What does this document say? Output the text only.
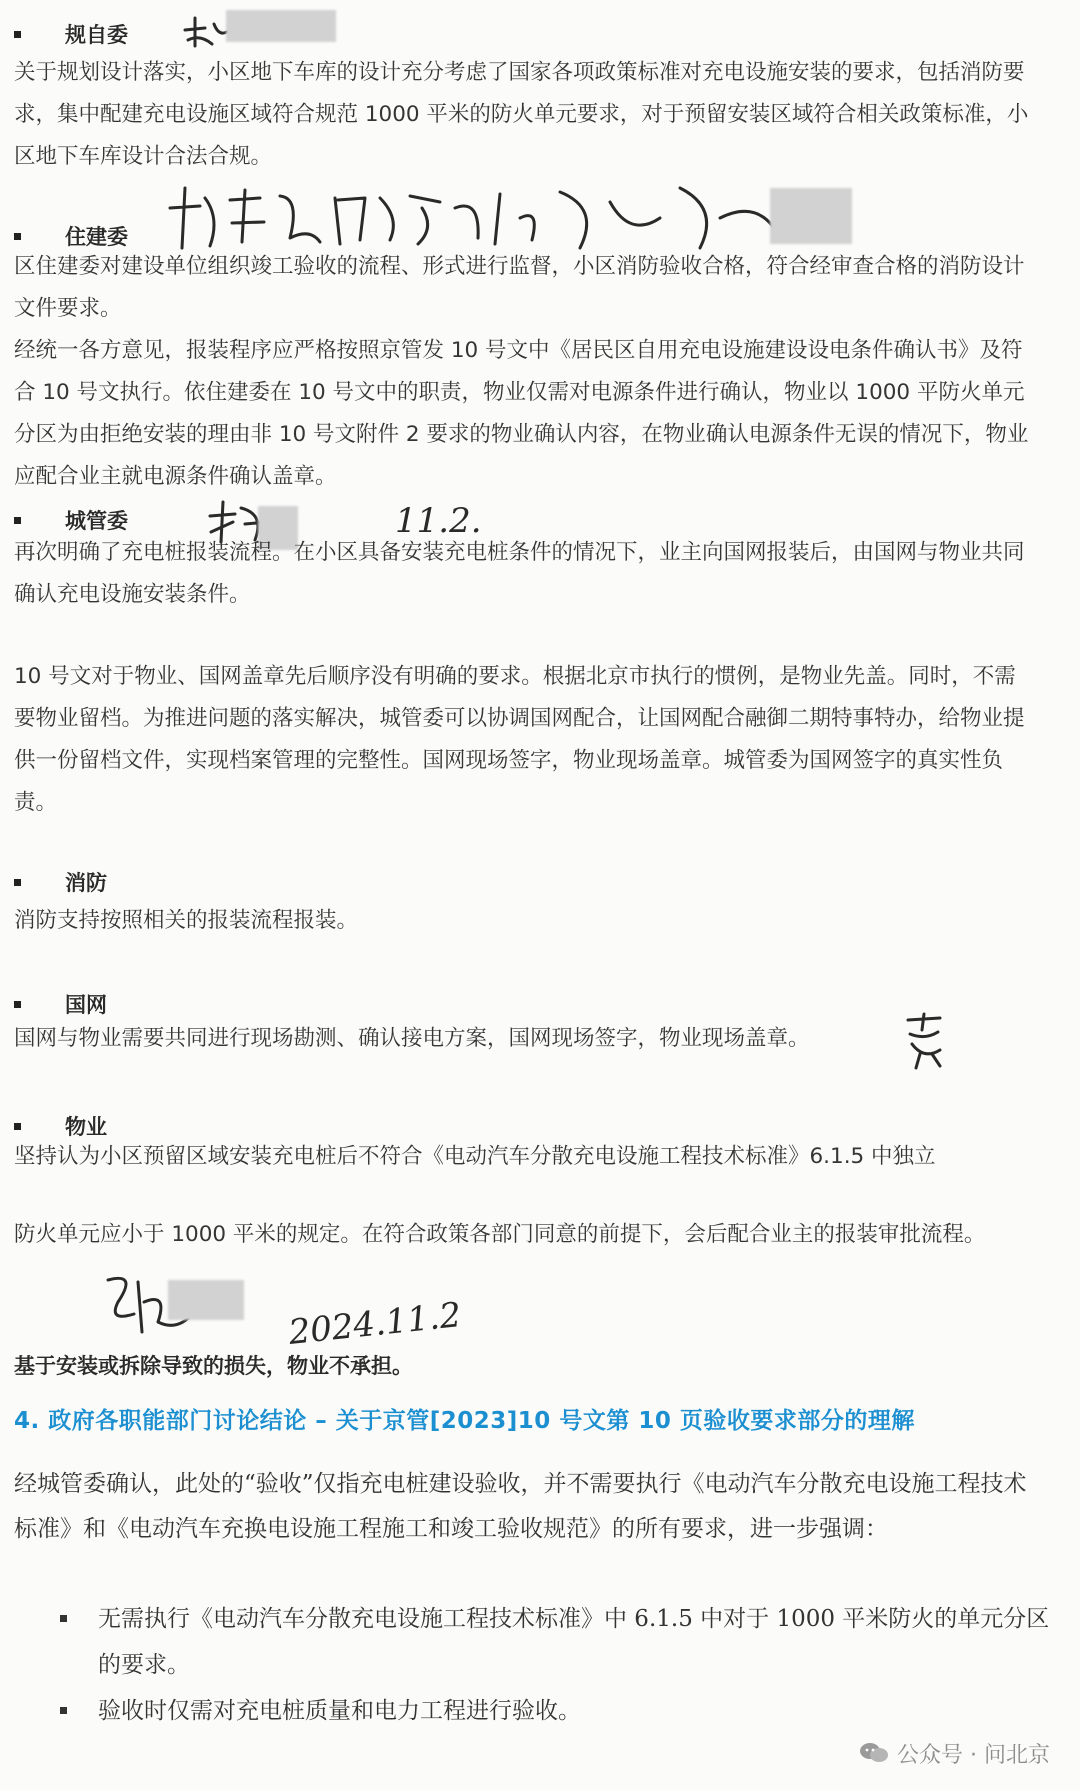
规自委

关于规划设计落实，小区地下车库的设计充分考虑了国家各项政策标准对充电设施安装的要求，包括消防要求，集中配建充电设施区域符合规范 1000 平米的防火单元要求，对于预留安装区域符合相关政策标准，小区地下车库设计合法合规。

住建委

区住建委对建设单位组织竣工验收的流程、形式进行监督，小区消防验收合格，符合经审查合格的消防设计文件要求。

经统一各方意见，报装程序应严格按照京管发 10 号文中《居民区自用充电设施建设设电条件确认书》及符合 10 号文执行。依住建委在 10 号文中的职责，物业仅需对电源条件进行确认，物业以 1000 平防火单元分区为由拒绝安装的理由非 10 号文附件 2 要求的物业确认内容，在物业确认电源条件无误的情况下，物业应配合业主就电源条件确认盖章。

城管委	11.2.

再次明确了充电桩报装流程。在小区具备安装充电桩条件的情况下，业主向国网报装后，由国网与物业共同确认充电设施安装条件。

10 号文对于物业、国网盖章先后顺序没有明确的要求。根据北京市执行的惯例，是物业先盖。同时，不需要物业留档。为推进问题的落实解决，城管委可以协调国网配合，让国网配合融御二期特事特办，给物业提供一份留档文件，实现档案管理的完整性。国网现场签字，物业现场盖章。城管委为国网签字的真实性负责。

消防

消防支持按照相关的报装流程报装。

国网

国网与物业需要共同进行现场勘测、确认接电方案，国网现场签字，物业现场盖章。

物业

坚持认为小区预留区域安装充电桩后不符合《电动汽车分散充电设施工程技术标准》6.1.5 中独立

防火单元应小于 1000 平米的规定。在符合政策各部门同意的前提下，会后配合业主的报装审批流程。

2024.11.2
基于安装或拆除导致的损失，物业不承担。
4. 政府各职能部门讨论结论 – 关于京管[2023]10 号文第 10 页验收要求部分的理解

经城管委确认，此处的“验收”仅指充电桩建设验收，并不需要执行《电动汽车分散充电设施工程技术标准》和《电动汽车充换电设施工程施工和竣工验收规范》的所有要求，进一步强调：

无需执行《电动汽车分散充电设施工程技术标准》中 6.1.5 中对于 1000 平米防火的单元分区的要求。
验收时仅需对充电桩质量和电力工程进行验收。
公众号 · 问北京
